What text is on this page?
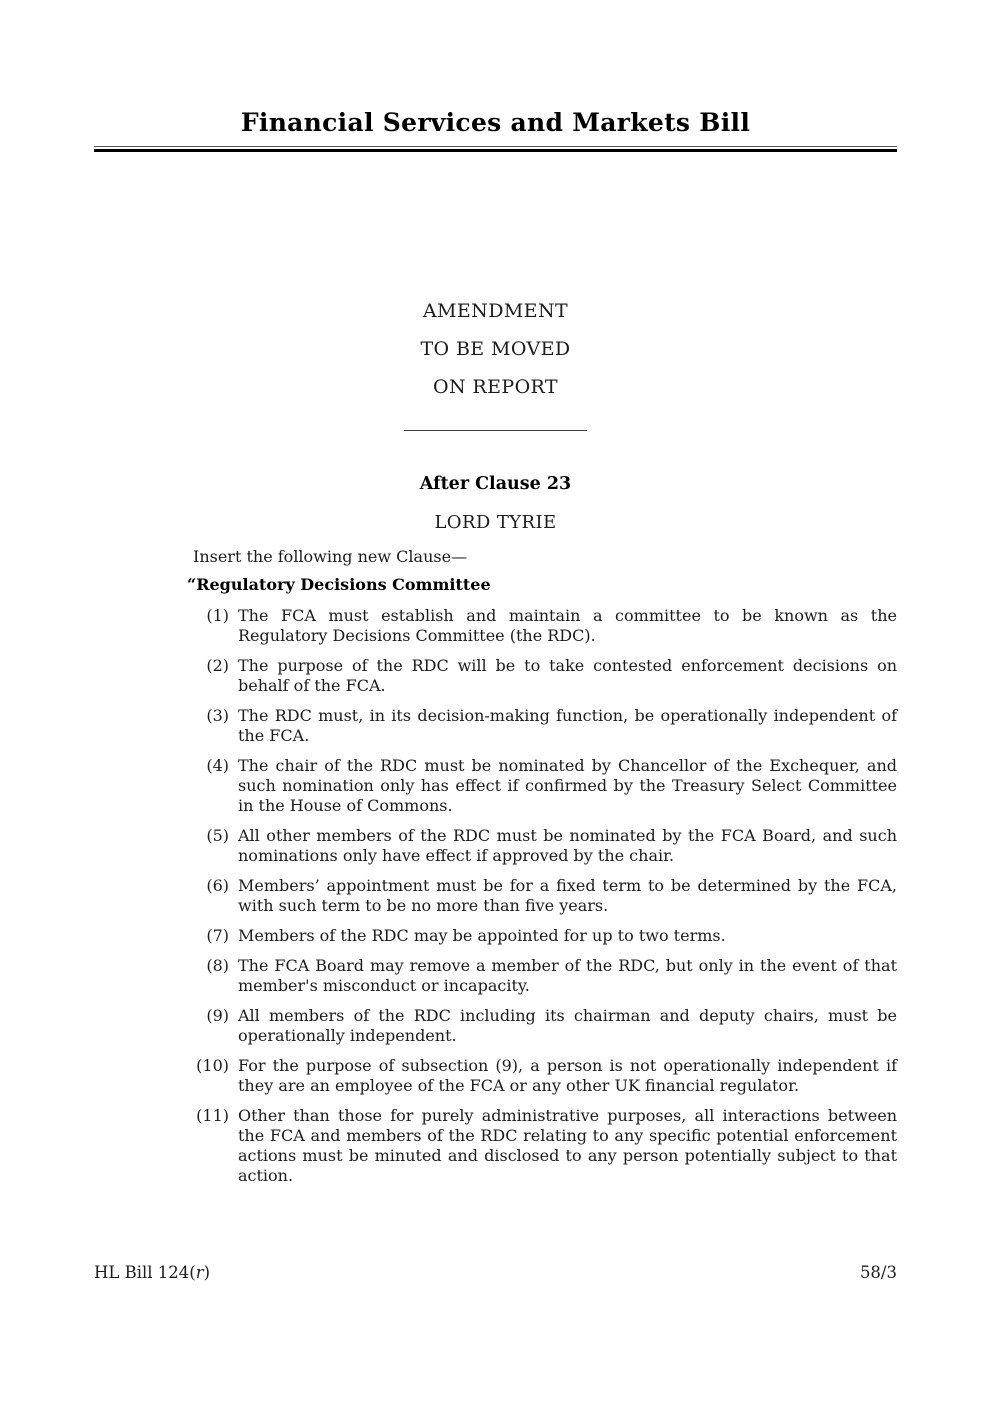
Financial Services and Markets Bill
AMENDMENT
TO BE MOVED
ON REPORT
After Clause 23
LORD TYRIE
Insert the following new Clause—
“Regulatory Decisions Committee
(1) The FCA must establish and maintain a committee to be known as the Regulatory Decisions Committee (the RDC).
(2) The purpose of the RDC will be to take contested enforcement decisions on behalf of the FCA.
(3) The RDC must, in its decision-making function, be operationally independent of the FCA.
(4) The chair of the RDC must be nominated by Chancellor of the Exchequer, and such nomination only has effect if confirmed by the Treasury Select Committee in the House of Commons.
(5) All other members of the RDC must be nominated by the FCA Board, and such nominations only have effect if approved by the chair.
(6) Members’ appointment must be for a fixed term to be determined by the FCA, with such term to be no more than five years.
(7) Members of the RDC may be appointed for up to two terms.
(8) The FCA Board may remove a member of the RDC, but only in the event of that member's misconduct or incapacity.
(9) All members of the RDC including its chairman and deputy chairs, must be operationally independent.
(10) For the purpose of subsection (9), a person is not operationally independent if they are an employee of the FCA or any other UK financial regulator.
(11) Other than those for purely administrative purposes, all interactions between the FCA and members of the RDC relating to any specific potential enforcement actions must be minuted and disclosed to any person potentially subject to that action.
HL Bill 124(r)	58/3
